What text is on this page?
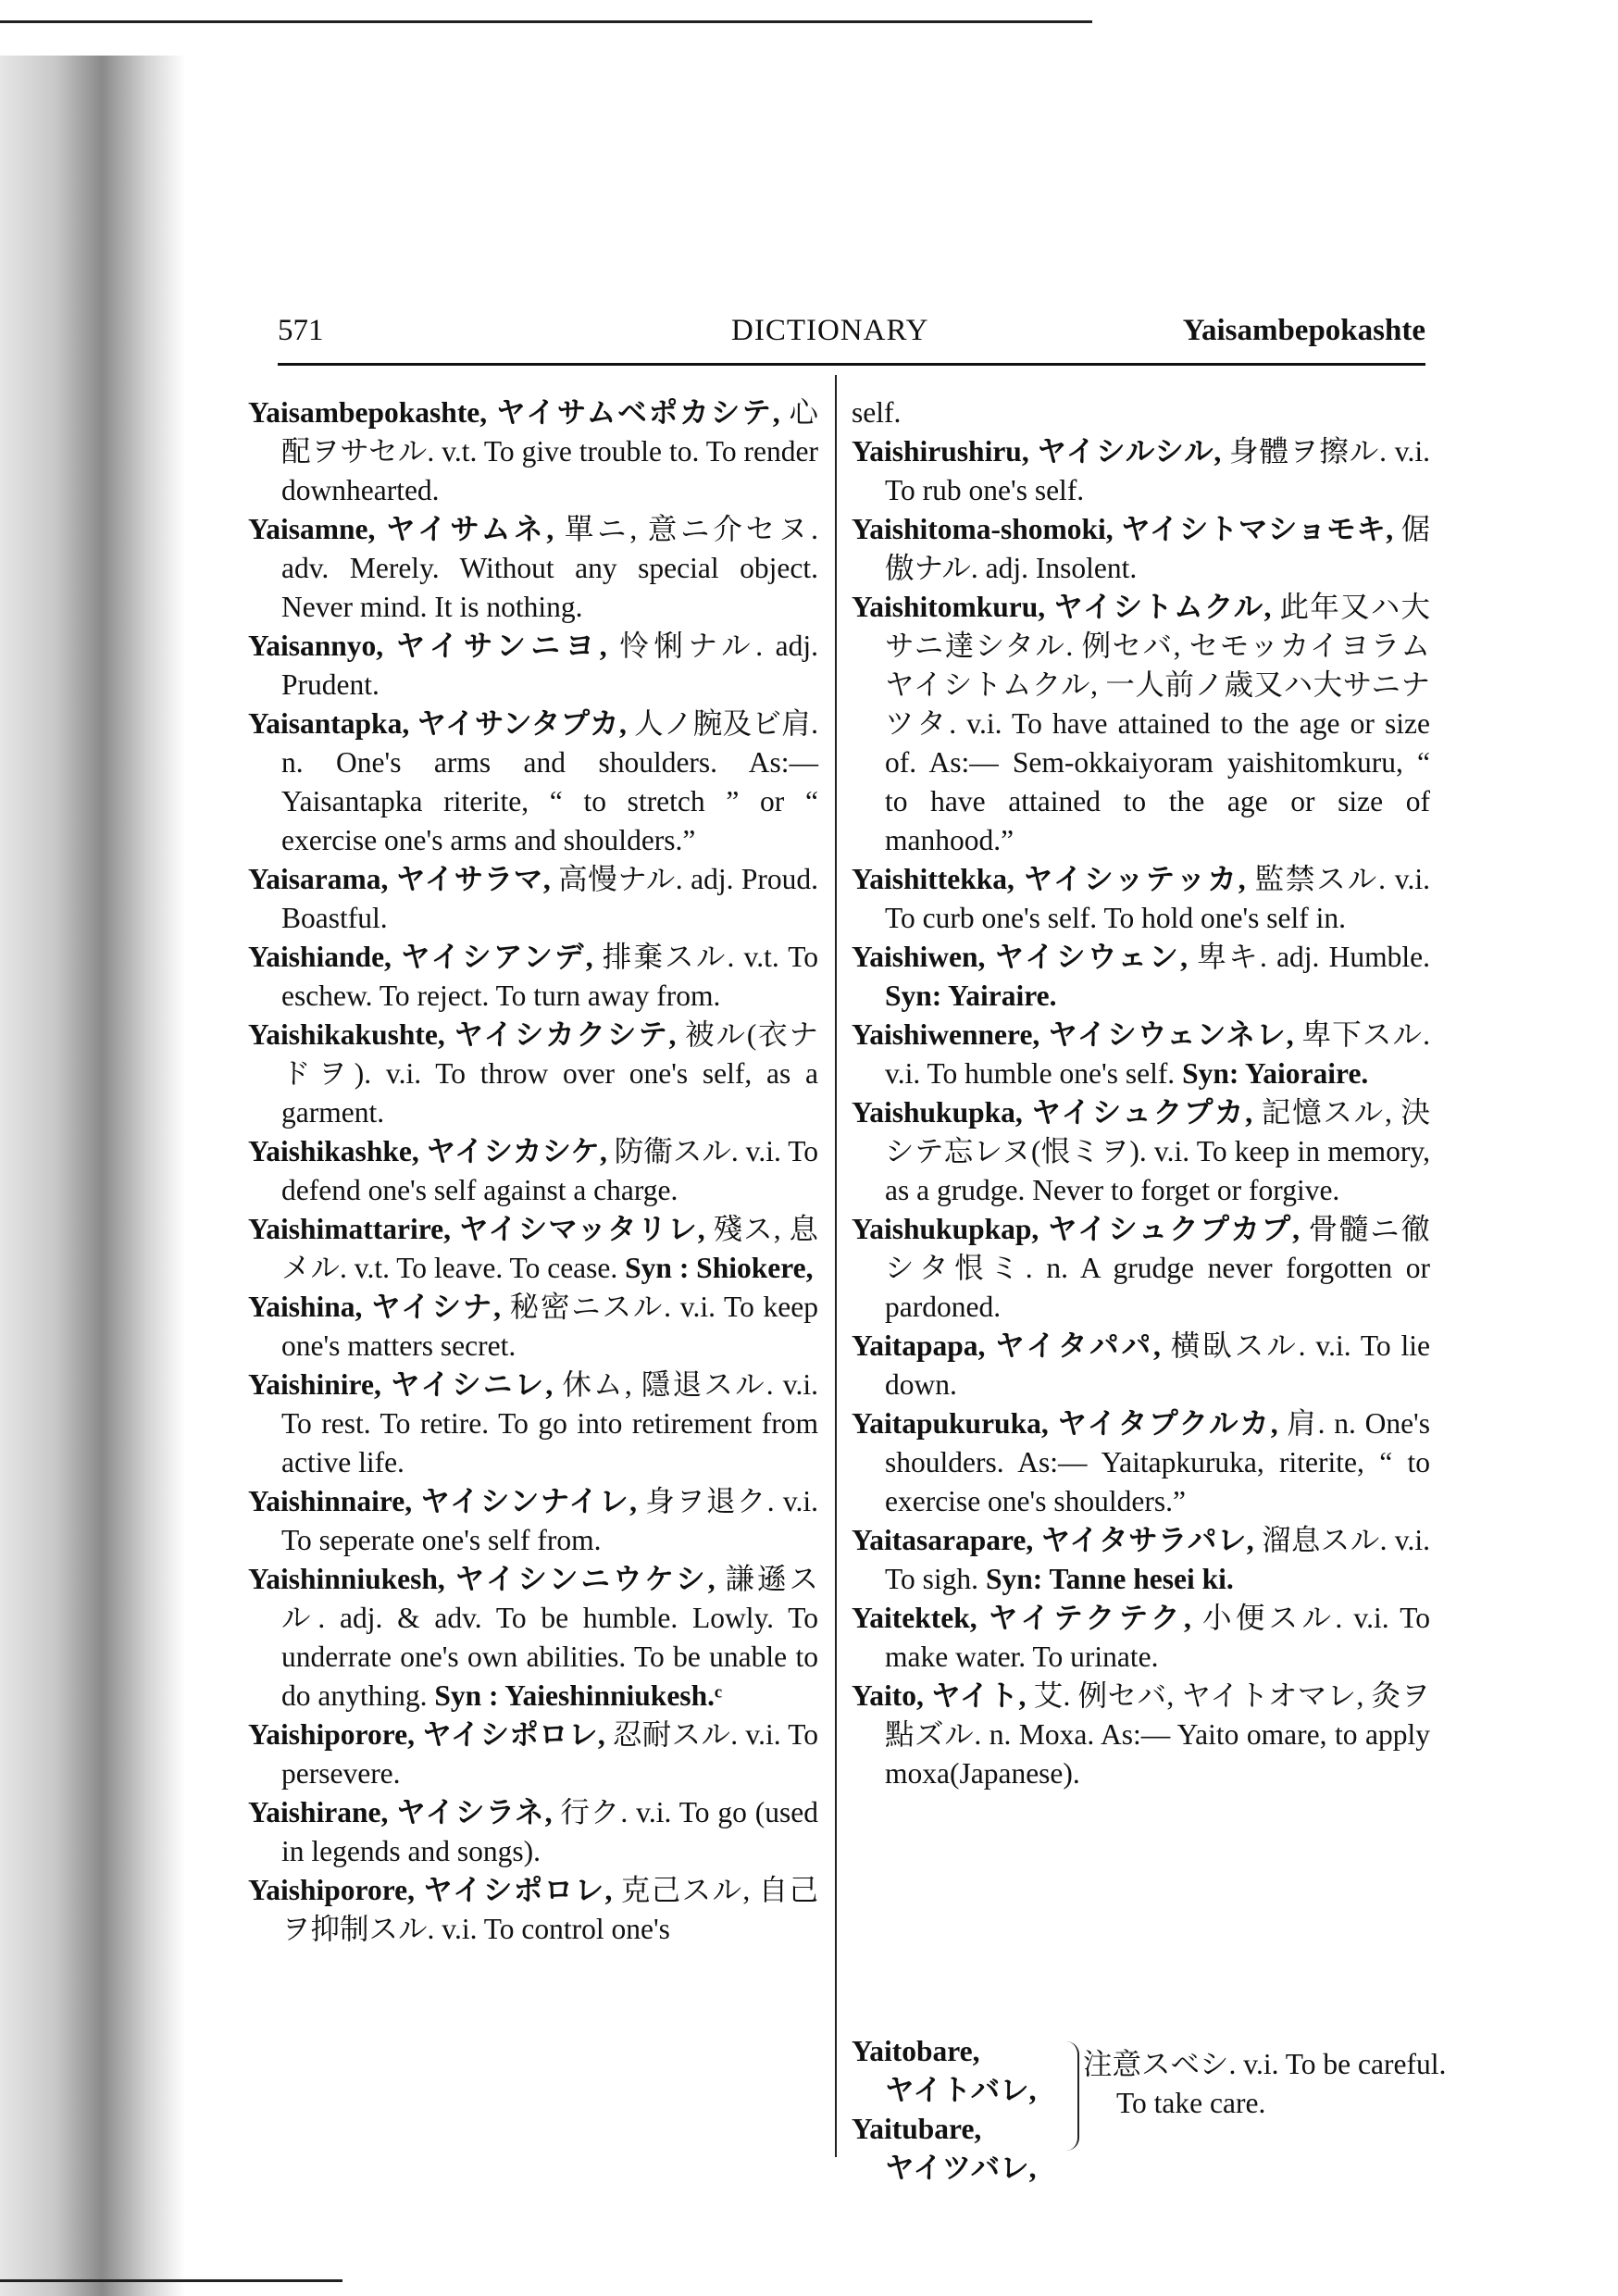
571	DICTIONARY	Yaisambepokashte

Yaisambepokashte, ヤイサムベポカシテ, 心配ヲサセル. v.t. To give trouble to. To render downhearted.

Yaisamne, ヤイサムネ, 單ニ, 意ニ介セヌ. adv. Merely. Without any special object. Never mind. It is nothing.

Yaisannyo, ヤイサンニヨ, 怜悧ナル. adj. Prudent.

Yaisantapka, ヤイサンタプカ, 人ノ腕及ビ肩. n. One's arms and shoulders. As:— Yaisantapka riterite, “ to stretch ” or “ exercise one's arms and shoulders.”

Yaisarama, ヤイサラマ, 高慢ナル. adj. Proud. Boastful.

Yaishiande, ヤイシアンデ, 排棄スル. v.t. To eschew. To reject. To turn away from.

Yaishikakushte, ヤイシカクシテ, 被ル(衣ナドヲ). v.i. To throw over one's self, as a garment.

Yaishikashke, ヤイシカシケ, 防衞スル. v.i. To defend one's self against a charge.

Yaishimattarire, ヤイシマッタリレ, 殘ス, 息メル. v.t. To leave. To cease. Syn : Shiokere,

Yaishina, ヤイシナ, 秘密ニスル. v.i. To keep one's matters secret.

Yaishinire, ヤイシニレ, 休ム, 隱退スル. v.i. To rest. To retire. To go into retirement from active life.

Yaishinnaire, ヤイシンナイレ, 身ヲ退ク. v.i. To seperate one's self from.

Yaishinniukesh, ヤイシンニウケシ, 謙遜スル. adj. & adv. To be humble. Lowly. To underrate one's own abilities. To be unable to do anything. Syn : Yaieshinniukesh.ᶜ

Yaishiporore, ヤイシポロレ, 忍耐スル. v.i. To persevere.

Yaishirane, ヤイシラネ, 行ク. v.i. To go (used in legends and songs).

Yaishiporore, ヤイシポロレ, 克己スル, 自己ヲ抑制スル. v.i. To control one's

self.

Yaishirushiru, ヤイシルシル, 身體ヲ擦ル. v.i. To rub one's self.

Yaishitoma-shomoki, ヤイシトマショモキ, 倨傲ナル. adj. Insolent.

Yaishitomkuru, ヤイシトムクル, 此年又ハ大サニ達シタル. 例セバ, セモッカイヨラムヤイシトムクル, 一人前ノ歳又ハ大サニナツタ. v.i. To have attained to the age or size of. As:— Sem-okkaiyoram yaishitomkuru, “ to have attained to the age or size of manhood.”

Yaishittekka, ヤイシッテッカ, 監禁スル. v.i. To curb one's self. To hold one's self in.

Yaishiwen, ヤイシウェン, 卑キ. adj. Humble. Syn: Yairaire.

Yaishiwennere, ヤイシウェンネレ, 卑下スル. v.i. To humble one's self. Syn: Yaioraire.

Yaishukupka, ヤイシュクプカ, 記憶スル, 決シテ忘レヌ(恨ミヲ). v.i. To keep in memory, as a grudge. Never to forget or forgive.

Yaishukupkap, ヤイシュクプカプ, 骨髓ニ徹シタ恨ミ. n. A grudge never forgotten or pardoned.

Yaitapapa, ヤイタパパ, 横臥スル. v.i. To lie down.

Yaitapukuruka, ヤイタプクルカ, 肩. n. One's shoulders. As:— Yaitapkuruka, riterite, “ to exercise one's shoulders.”

Yaitasarapare, ヤイタサラパレ, 溜息スル. v.i. To sigh. Syn: Tanne hesei ki.

Yaitektek, ヤイテクテク, 小便スル. v.i. To make water. To urinate.

Yaito, ヤイト, 艾. 例セバ, ヤイトオマレ, 灸ヲ點ズル. n. Moxa. As:— Yaito omare, to apply moxa(Japanese).

Yaitobare,
ヤイトバレ,
Yaitubare,
ヤイツバレ,
注意スベシ. v.i. To be careful. To take care.
